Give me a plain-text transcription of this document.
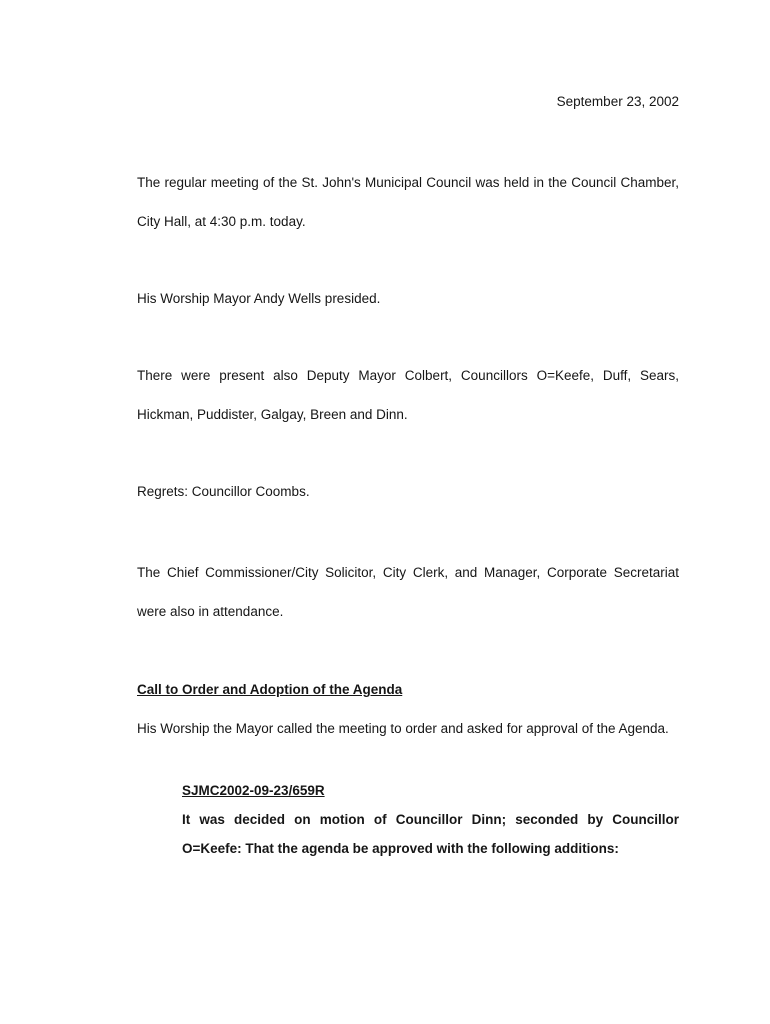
September 23, 2002

The regular meeting of the St. John's Municipal Council was held in the Council Chamber, City Hall, at 4:30 p.m. today.

His Worship Mayor Andy Wells presided.

There were present also Deputy Mayor Colbert, Councillors O=Keefe, Duff, Sears, Hickman, Puddister, Galgay, Breen and Dinn.

Regrets: Councillor Coombs.

The Chief Commissioner/City Solicitor, City Clerk, and Manager, Corporate Secretariat were also in attendance.

Call to Order and Adoption of the Agenda

His Worship the Mayor called the meeting to order and asked for approval of the Agenda.

SJMC2002-09-23/659R

It was decided on motion of Councillor Dinn; seconded by Councillor O=Keefe: That the agenda be approved with the following additions:
